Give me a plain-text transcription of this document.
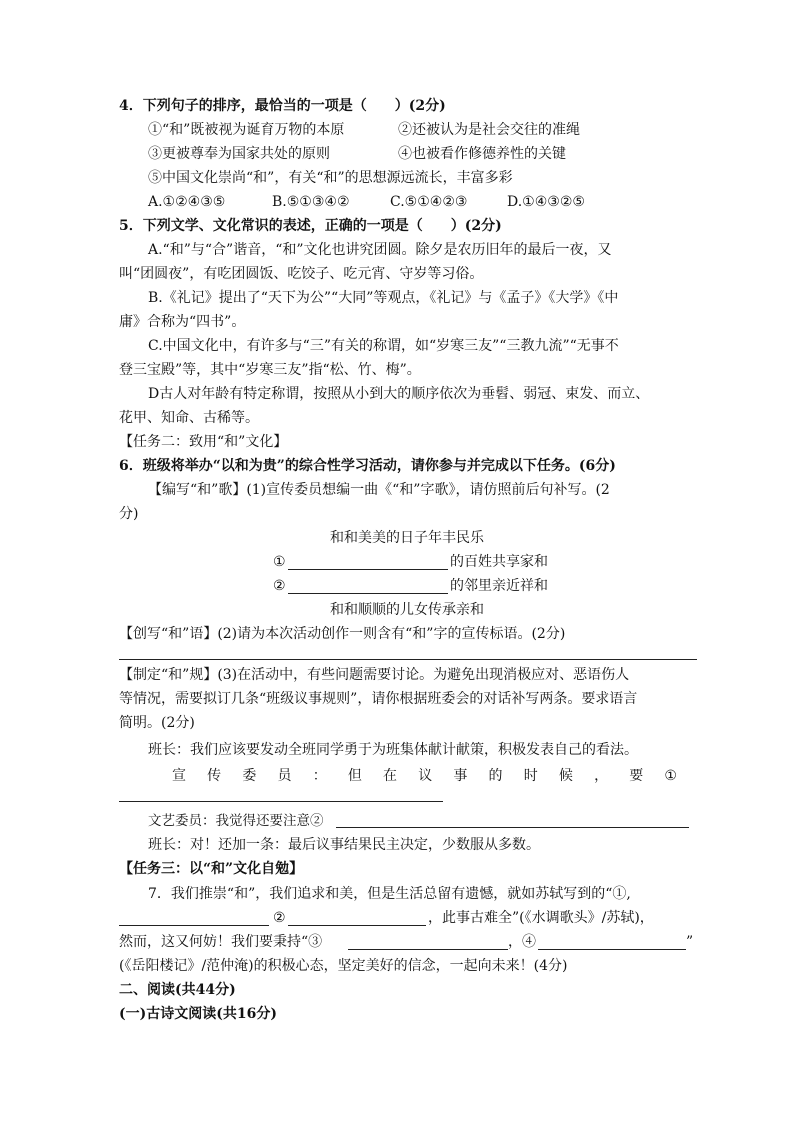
4．下列句子的排序，最恰当的一项是（　　）(2分)
①“和”既被视为诞育万物的本原	②还被认为是社会交往的准绳
③更被尊奉为国家共处的原则	④也被看作修德养性的关键
⑤中国文化崇尚“和”，有关“和”的思想源远流长，丰富多彩
A.①②④③⑤	B.⑤①③④②	C.⑤①④②③	D.①④③②⑤
5．下列文学、文化常识的表述，正确的一项是（　　）(2分)
A.“和”与“合”谐音，“和”文化也讲究团圆。除夕是农历旧年的最后一夜，又
叫“团圆夜”，有吃团圆饭、吃饺子、吃元宵、守岁等习俗。
B.《礼记》提出了“天下为公”“大同”等观点，《礼记》与《孟子》《大学》《中
庸》合称为“四书”。
C.中国文化中，有许多与“三”有关的称谓，如“岁寒三友”“三教九流”“无事不
登三宝殿”等，其中“岁寒三友”指“松、竹、梅”。
D古人对年龄有特定称谓，按照从小到大的顺序依次为垂髫、弱冠、束发、而立、
花甲、知命、古稀等。
【任务二：致用“和”文化】
6．班级将举办“以和为贵”的综合性学习活动，请你参与并完成以下任务。(6分)
【编写“和”歌】(1)宣传委员想编一曲《“和”字歌》，请仿照前后句补写。(2
分)
和和美美的日子年丰民乐
①	的百姓共享家和
②	的邻里亲近祥和
和和顺顺的儿女传承亲和
【创写“和”语】(2)请为本次活动创作一则含有“和”字的宣传标语。(2分)
【制定“和”规】(3)在活动中，有些问题需要讨论。为避免出现消极应对、恶语伤人
等情况，需要拟订几条“班级议事规则”，请你根据班委会的对话补写两条。要求语言
简明。(2分)
班长：我们应该要发动全班同学勇于为班集体献计献策，积极发表自己的看法。
宣 传 委 员 ： 但 在 议 事 的 时 候 ， 要 ①
文艺委员：我觉得还要注意②
班长：对！还加一条：最后议事结果民主决定，少数服从多数。
【任务三：以“和”文化自勉】
7．我们推崇“和”，我们追求和美，但是生活总留有遗憾，就如苏轼写到的“①,
②	，此事古难全”(《水调歌头》/苏轼)，
然而，这又何妨！我们要秉持“③	，④	”
(《岳阳楼记》/范仲淹)的积极心态，坚定美好的信念，一起向未来！(4分)
二、阅读(共44分)
(一)古诗文阅读(共16分)
